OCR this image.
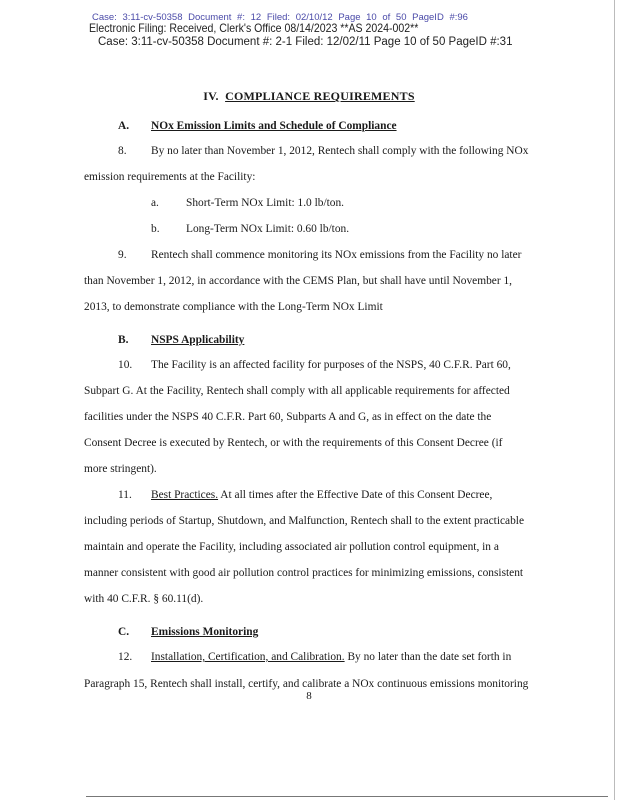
Case: 3:11-cv-50358 Document #: 12 Filed: 02/10/12 Page 10 of 50 PageID #:96
Electronic Filing: Received, Clerk's Office 08/14/2023 **AS 2024-002**
Case: 3:11-cv-50358 Document #: 2-1 Filed: 12/02/11 Page 10 of 50 PageID #:31
IV. COMPLIANCE REQUIREMENTS
A. NOx Emission Limits and Schedule of Compliance
8. By no later than November 1, 2012, Rentech shall comply with the following NOx
emission requirements at the Facility:
a. Short-Term NOx Limit: 1.0 lb/ton.
b. Long-Term NOx Limit: 0.60 lb/ton.
9. Rentech shall commence monitoring its NOx emissions from the Facility no later
than November 1, 2012, in accordance with the CEMS Plan, but shall have until November 1,
2013, to demonstrate compliance with the Long-Term NOx Limit
B. NSPS Applicability
10. The Facility is an affected facility for purposes of the NSPS, 40 C.F.R. Part 60,
Subpart G. At the Facility, Rentech shall comply with all applicable requirements for affected
facilities under the NSPS 40 C.F.R. Part 60, Subparts A and G, as in effect on the date the
Consent Decree is executed by Rentech, or with the requirements of this Consent Decree (if
more stringent).
11. Best Practices. At all times after the Effective Date of this Consent Decree,
including periods of Startup, Shutdown, and Malfunction, Rentech shall to the extent practicable
maintain and operate the Facility, including associated air pollution control equipment, in a
manner consistent with good air pollution control practices for minimizing emissions, consistent
with 40 C.F.R. § 60.11(d).
C. Emissions Monitoring
12. Installation, Certification, and Calibration. By no later than the date set forth in
Paragraph 15, Rentech shall install, certify, and calibrate a NOx continuous emissions monitoring
8
